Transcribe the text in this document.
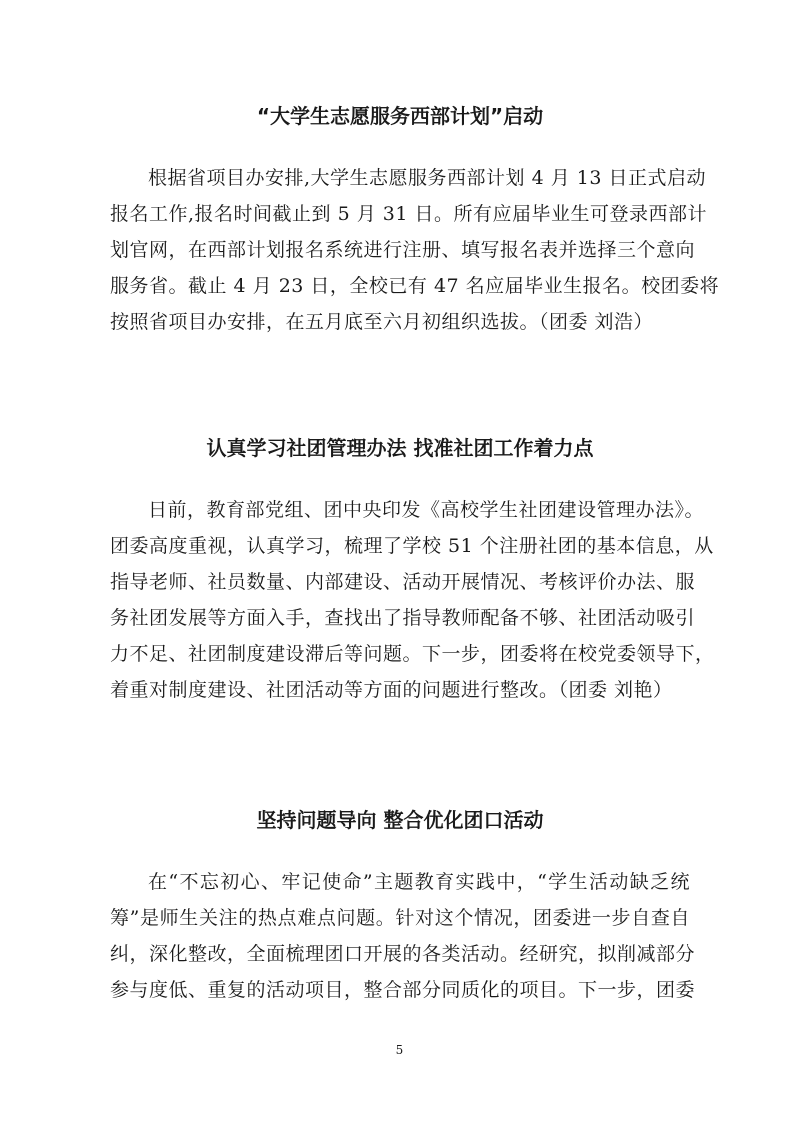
“大学生志愿服务西部计划”启动
根据省项目办安排,大学生志愿服务西部计划 4 月 13 日正式启动
报名工作,报名时间截止到 5 月 31 日。所有应届毕业生可登录西部计
划官网，在西部计划报名系统进行注册、填写报名表并选择三个意向
服务省。截止 4 月 23 日，全校已有 47 名应届毕业生报名。校团委将
按照省项目办安排，在五月底至六月初组织选拔。（团委 刘浩）
认真学习社团管理办法 找准社团工作着力点
日前，教育部党组、团中央印发《高校学生社团建设管理办法》。
团委高度重视，认真学习，梳理了学校 51 个注册社团的基本信息，从
指导老师、社员数量、内部建设、活动开展情况、考核评价办法、服
务社团发展等方面入手，查找出了指导教师配备不够、社团活动吸引
力不足、社团制度建设滞后等问题。下一步，团委将在校党委领导下，
着重对制度建设、社团活动等方面的问题进行整改。（团委 刘艳）
坚持问题导向 整合优化团口活动
在“不忘初心、牢记使命”主题教育实践中，“学生活动缺乏统
筹”是师生关注的热点难点问题。针对这个情况，团委进一步自查自
纠，深化整改，全面梳理团口开展的各类活动。经研究，拟削减部分
参与度低、重复的活动项目，整合部分同质化的项目。下一步，团委
5
